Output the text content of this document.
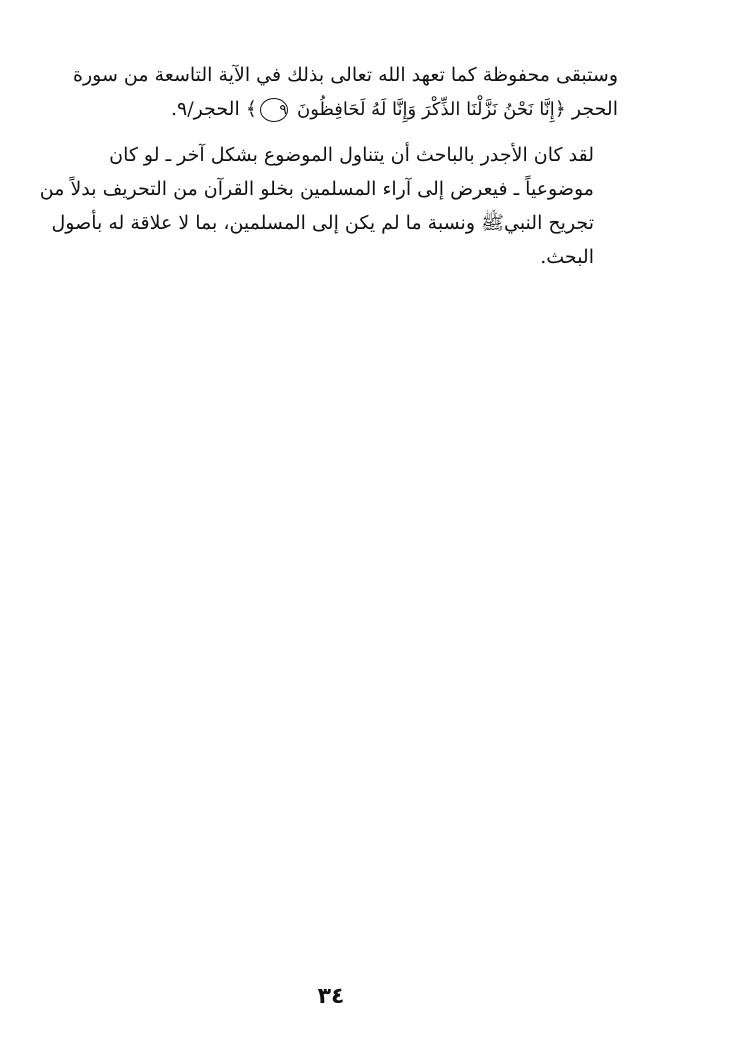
وستبقى محفوظة كما تعهد الله تعالى بذلك في الآية التاسعة من سورة
الحجر ﴿إِنَّا نَحْنُ نَزَّلْنَا الذِّكْرَ وَإِنَّا لَهُ لَحَافِظُونَ ٩﴾ الحجر/٩.
لقد كان الأجدر بالباحث أن يتناول الموضوع بشكل آخر ـ لو كان
موضوعياً ـ فيعرض إلى آراء المسلمين بخلو القرآن من التحريف بدلاً من
تجريح النبيﷺ ونسبة ما لم يكن إلى المسلمين، بما لا علاقة له بأصول
البحث.
٣٤
